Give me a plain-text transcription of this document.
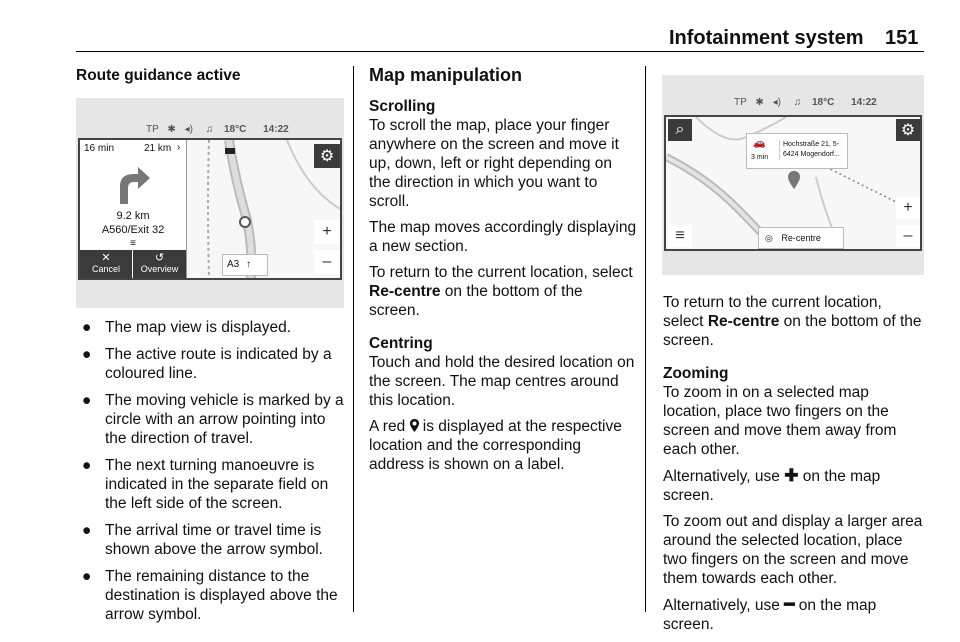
Infotainment system 151
Route guidance active
TP ✱ ◂) ♫ 18°C 14:22
16 min	21 km ›
9.2 km
A560/Exit 32
≡
✕
Cancel
↺
Overview
⚙
+
–
A3 ↑
● The map view is displayed.
● The active route is indicated by a coloured line.
● The moving vehicle is marked by a circle with an arrow pointing into the direction of travel.
● The next turning manoeuvre is indicated in the separate field on the left side of the screen.
● The arrival time or travel time is shown above the arrow symbol.
● The remaining distance to the destination is displayed above the arrow symbol.
Map manipulation
Scrolling

To scroll the map, place your finger anywhere on the screen and move it up, down, left or right depending on the direction in which you want to scroll.

The map moves accordingly displaying a new section.

To return to the current location, select Re-centre on the bottom of the screen.

Centring

Touch and hold the desired location on the screen. The map centres around this location.

A red  is displayed at the respective location and the corresponding address is shown on a label.

TP ✱ ◂) ♫ 18°C 14:22
⌕	⚙
🚗
3 min
Hochstraße 21, 5-
6424 Mogendorf...
+
–
≡	◎ Re-centre

To return to the current location, select Re-centre on the bottom of the screen.

Zooming

To zoom in on a selected map location, place two fingers on the screen and move them away from each other.

Alternatively, use ✚ on the map screen.

To zoom out and display a larger area around the selected location, place two fingers on the screen and move them towards each other.

Alternatively, use ━ on the map screen.
